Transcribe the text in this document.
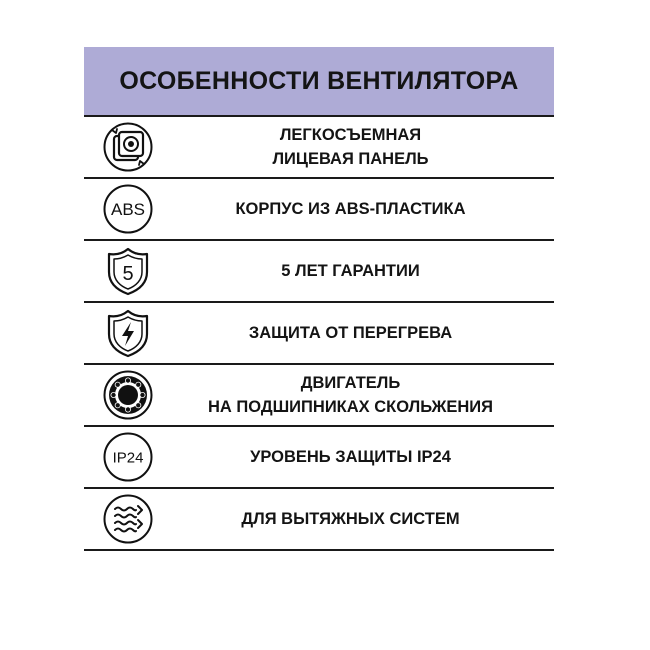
ОСОБЕННОСТИ ВЕНТИЛЯТОРА
ЛЕГКОСЪЕМНАЯ
ЛИЦЕВАЯ ПАНЕЛЬ
ABS	КОРПУС ИЗ ABS-ПЛАСТИКА
5	5 ЛЕТ ГАРАНТИИ
ЗАЩИТА ОТ ПЕРЕГРЕВА
ДВИГАТЕЛЬ
НА ПОДШИПНИКАХ СКОЛЬЖЕНИЯ
IP24	УРОВЕНЬ ЗАЩИТЫ IP24
ДЛЯ ВЫТЯЖНЫХ СИСТЕМ
